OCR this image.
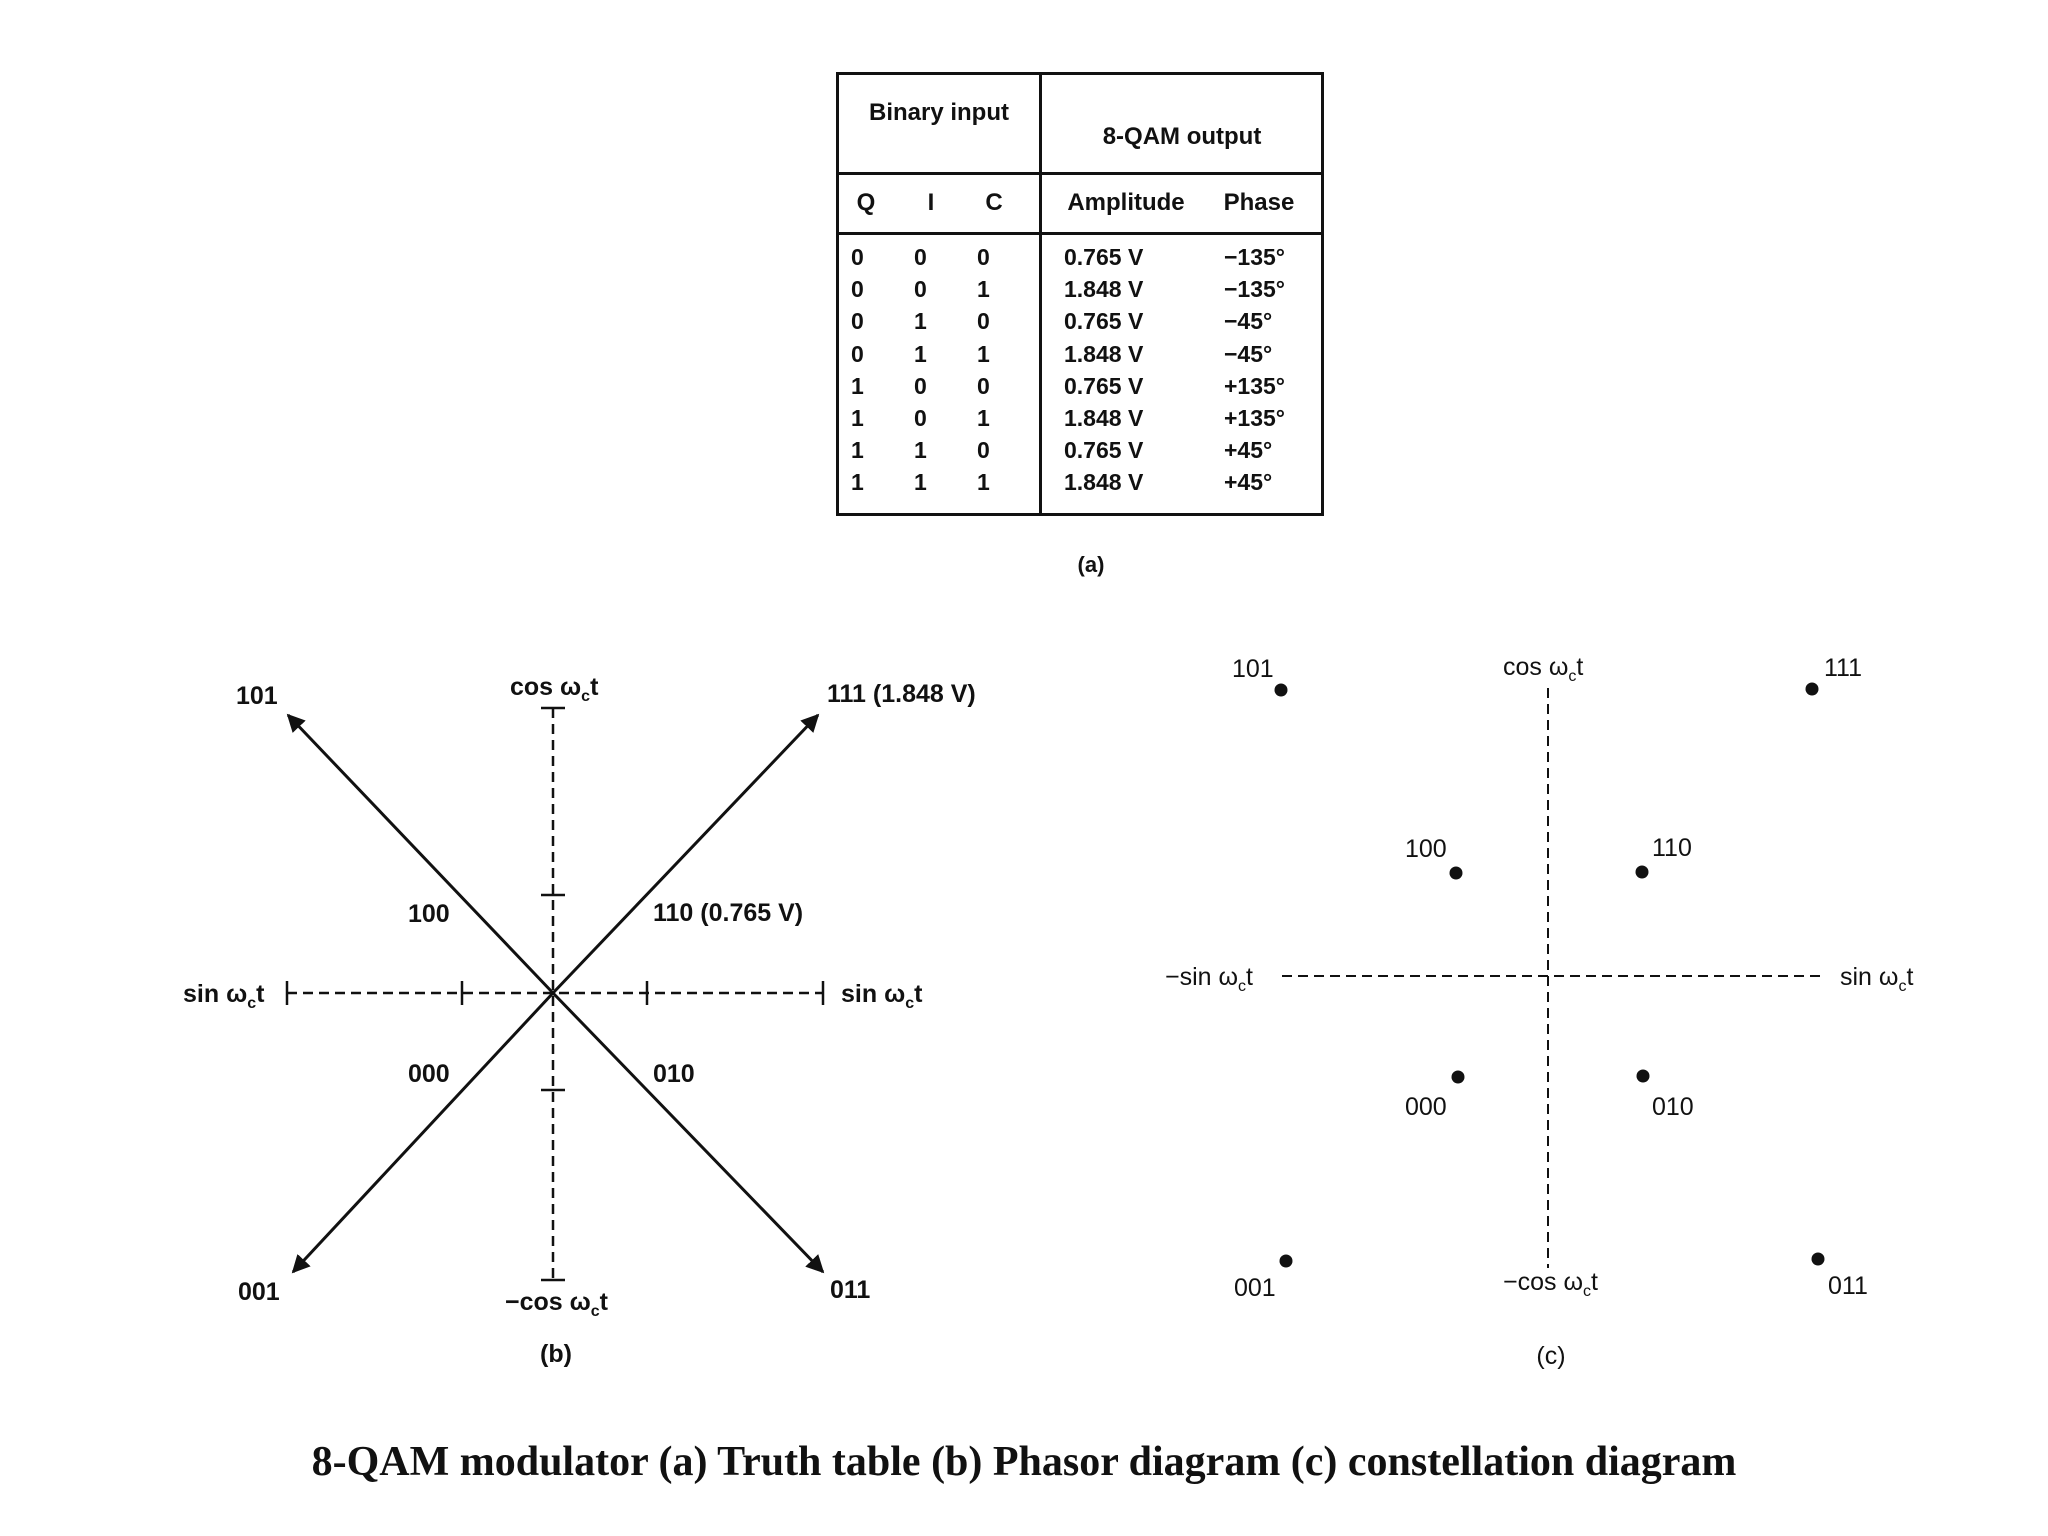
Binary input
8-QAM output
Q	I	C	Amplitude	Phase
0 0 0	0.765 V	−135°
0 0 1	1.848 V	−135°
0 1 0	0.765 V	−45°
0 1 1	1.848 V	−45°
1 0 0	0.765 V	+135°
1 0 1	1.848 V	+135°
1 1 0	0.765 V	+45°
1 1 1	1.848 V	+45°
(a)
$\cos \omega_ct$
−cos $\omega_ct$
$\sin \omega_ct$	$\sin \omega_ct$
101	111 (1.848 V)
100	110 (0.765 V)
000	010
001	011
(b)
$\cos \omega_ct$
−cos $\omega_ct$
−sin $\omega_ct$	$\sin \omega_ct$
101	111
100	110
000	010
001	011
(c)
8-QAM modulator (a) Truth table (b) Phasor diagram (c) constellation diagram
